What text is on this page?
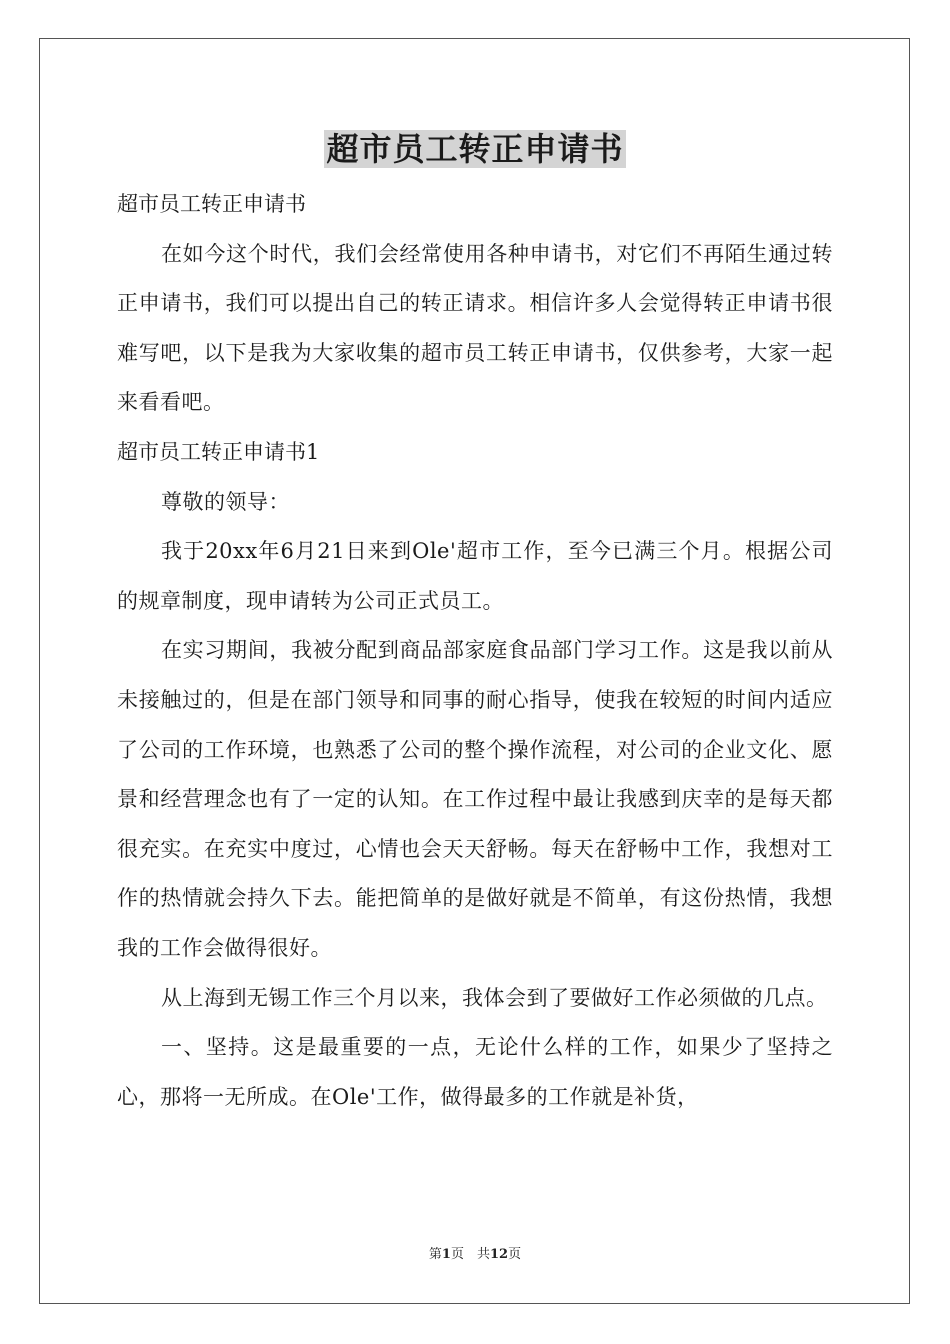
超市员工转正申请书

超市员工转正申请书

在如今这个时代，我们会经常使用各种申请书，对它们不再陌生通过转正申请书，我们可以提出自己的转正请求。相信许多人会觉得转正申请书很难写吧，以下是我为大家收集的超市员工转正申请书，仅供参考，大家一起来看看吧。

超市员工转正申请书1

尊敬的领导：

我于20xx年6月21日来到Ole'超市工作，至今已满三个月。根据公司的规章制度，现申请转为公司正式员工。

在实习期间，我被分配到商品部家庭食品部门学习工作。这是我以前从未接触过的，但是在部门领导和同事的耐心指导，使我在较短的时间内适应了公司的工作环境，也熟悉了公司的整个操作流程，对公司的企业文化、愿景和经营理念也有了一定的认知。在工作过程中最让我感到庆幸的是每天都很充实。在充实中度过，心情也会天天舒畅。每天在舒畅中工作，我想对工作的热情就会持久下去。能把简单的是做好就是不简单，有这份热情，我想我的工作会做得很好。

从上海到无锡工作三个月以来，我体会到了要做好工作必须做的几点。

一、坚持。这是最重要的一点，无论什么样的工作，如果少了坚持之心，那将一无所成。在Ole'工作，做得最多的工作就是补货，

第1页　共12页
